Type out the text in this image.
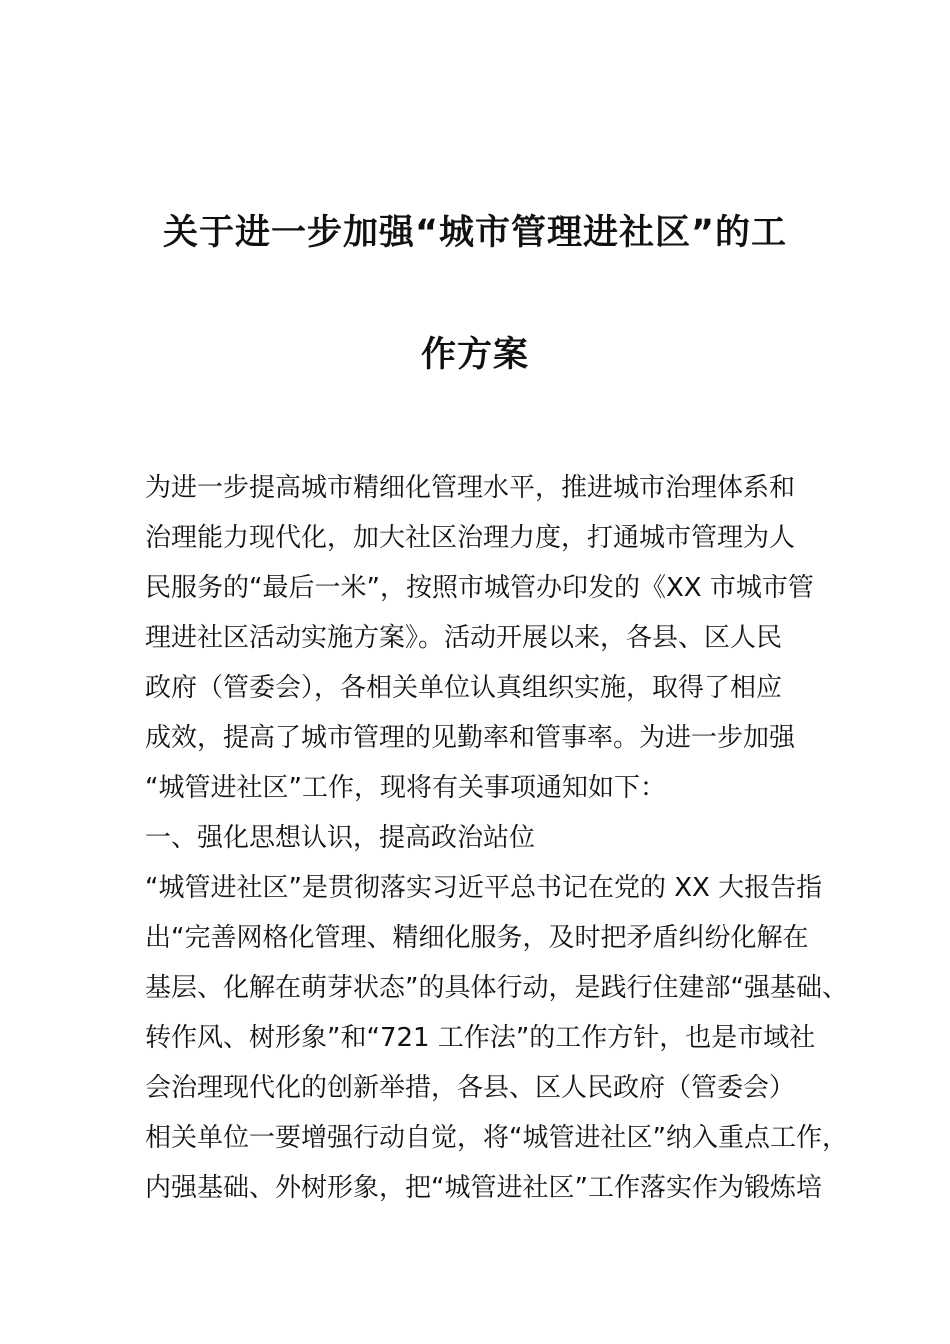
关于进一步加强“城市管理进社区”的工
作方案
为进一步提高城市精细化管理水平，推进城市治理体系和
治理能力现代化，加大社区治理力度，打通城市管理为人
民服务的“最后一米”，按照市城管办印发的《XX 市城市管
理进社区活动实施方案》。活动开展以来，各县、区人民
政府（管委会），各相关单位认真组织实施，取得了相应
成效，提高了城市管理的见勤率和管事率。为进一步加强
“城管进社区”工作，现将有关事项通知如下：
一、强化思想认识，提高政治站位
“城管进社区”是贯彻落实习近平总书记在党的 XX 大报告指
出“完善网格化管理、精细化服务，及时把矛盾纠纷化解在
基层、化解在萌芽状态”的具体行动，是践行住建部“强基础、
转作风、树形象”和“721 工作法”的工作方针，也是市域社
会治理现代化的创新举措，各县、区人民政府（管委会）
相关单位一要增强行动自觉，将“城管进社区”纳入重点工作，
内强基础、外树形象，把“城管进社区”工作落实作为锻炼培
